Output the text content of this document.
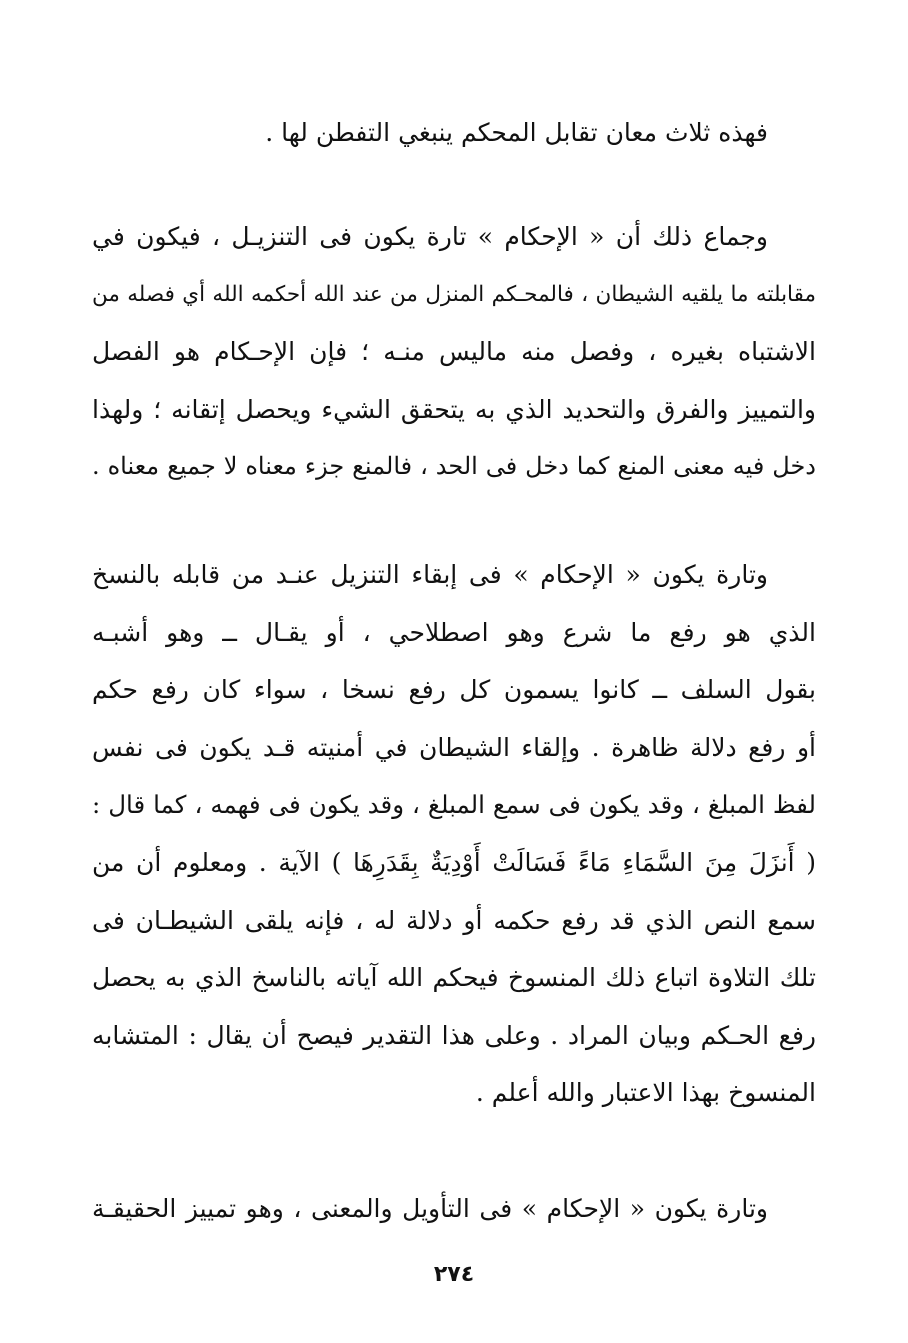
فهذه ثلاث معان تقابل المحكم ينبغي التفطن لها .
وجماع ذلك أن « الإحكام » تارة يكون فى التنزيـل ، فيكون في
مقابلته ما يلقيه الشيطان ، فالمحـكم المنزل من عند الله أحكمه الله أي فصله من
الاشتباه بغيره ، وفصل منه ماليس منـه ؛ فإن الإحـكام هو الفصل
والتمييز والفرق والتحديد الذي به يتحقق الشيء ويحصل إتقانه ؛ ولهذا
دخل فيه معنى المنع كما دخل فى الحد ، فالمنع جزء معناه لا جميع معناه .
وتارة يكون « الإحكام » فى إبقاء التنزيل عنـد من قابله بالنسخ
الذي هو رفع ما شرع وهو اصطلاحي ، أو يقـال ــ وهو أشبـه
بقول السلف ــ كانوا يسمون كل رفع نسخا ، سواء كان رفع حكم
أو رفع دلالة ظاهرة . وإلقاء الشيطان في أمنيته قـد يكون فى نفس
لفظ المبلغ ، وقد يكون فى سمع المبلغ ، وقد يكون فى فهمه ، كما قال :
( أَنزَلَ مِنَ السَّمَاءِ مَاءً فَسَالَتْ أَوْدِيَةٌ بِقَدَرِهَا ) الآية . ومعلوم أن من
سمع النص الذي قد رفع حكمه أو دلالة له ، فإنه يلقى الشيطـان فى
تلك التلاوة اتباع ذلك المنسوخ فيحكم الله آياته بالناسخ الذي به يحصل
رفع الحـكم وبيان المراد . وعلى هذا التقدير فيصح أن يقال : المتشابه
المنسوخ بهذا الاعتبار والله أعلم .
وتارة يكون « الإحكام » فى التأويل والمعنى ، وهو تمييز الحقيقـة
٢٧٤
